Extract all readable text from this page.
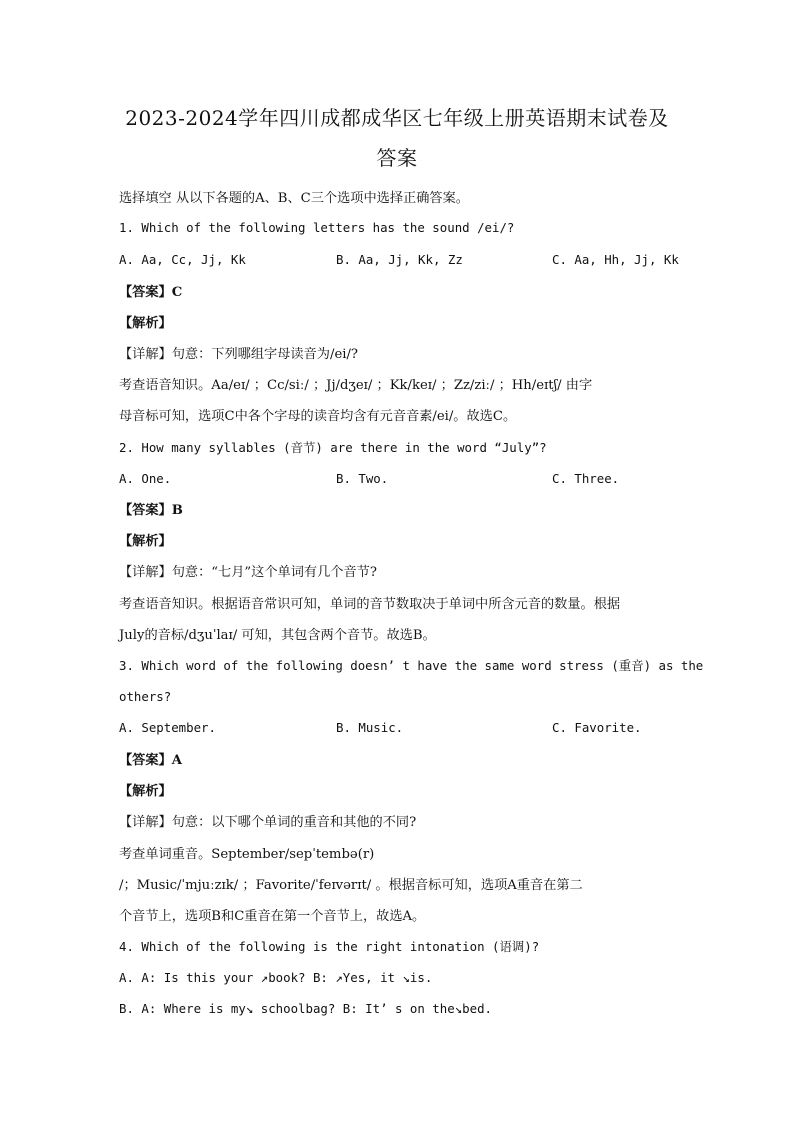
2023-2024学年四川成都成华区七年级上册英语期末试卷及
答案
选择填空 从以下各题的A、B、C三个选项中选择正确答案。
1. Which of the following letters has the sound /ei/?
A. Aa, Cc, Jj, Kk	B. Aa, Jj, Kk, Zz	C. Aa, Hh, Jj, Kk
【答案】C
【解析】
【详解】句意：下列哪组字母读音为/ei/?
考查语音知识。Aa/eɪ/ ；Cc/siː/ ；Jj/dʒeɪ/ ；Kk/keɪ/ ；Zz/ziː/ ；Hh/eɪtʃ/ 由字
母音标可知，选项C中各个字母的读音均含有元音音素/ei/。故选C。
2. How many syllables (音节) are there in the word “July”?
A. One.	B. Two.	C. Three.
【答案】B
【解析】
【详解】句意：“七月”这个单词有几个音节?
考查语音知识。根据语音常识可知，单词的音节数取决于单词中所含元音的数量。根据
July的音标/dʒuˈlaɪ/ 可知，其包含两个音节。故选B。
3. Which word of the following doesn’ t have the same word stress (重音) as the
others?
A. September.	B. Music.	C. Favorite.
【答案】A
【解析】
【详解】句意：以下哪个单词的重音和其他的不同?
考查单词重音。September/sepˈtembə(r)
/；Music/ˈmjuːzɪk/ ；Favorite/ˈfeɪvərɪt/ 。根据音标可知，选项A重音在第二
个音节上，选项B和C重音在第一个音节上，故选A。
4. Which of the following is the right intonation (语调)?
A. A: Is this your ↗book? B: ↗Yes, it ↘is.
B. A: Where is my↘ schoolbag? B: It’ s on the↘bed.
